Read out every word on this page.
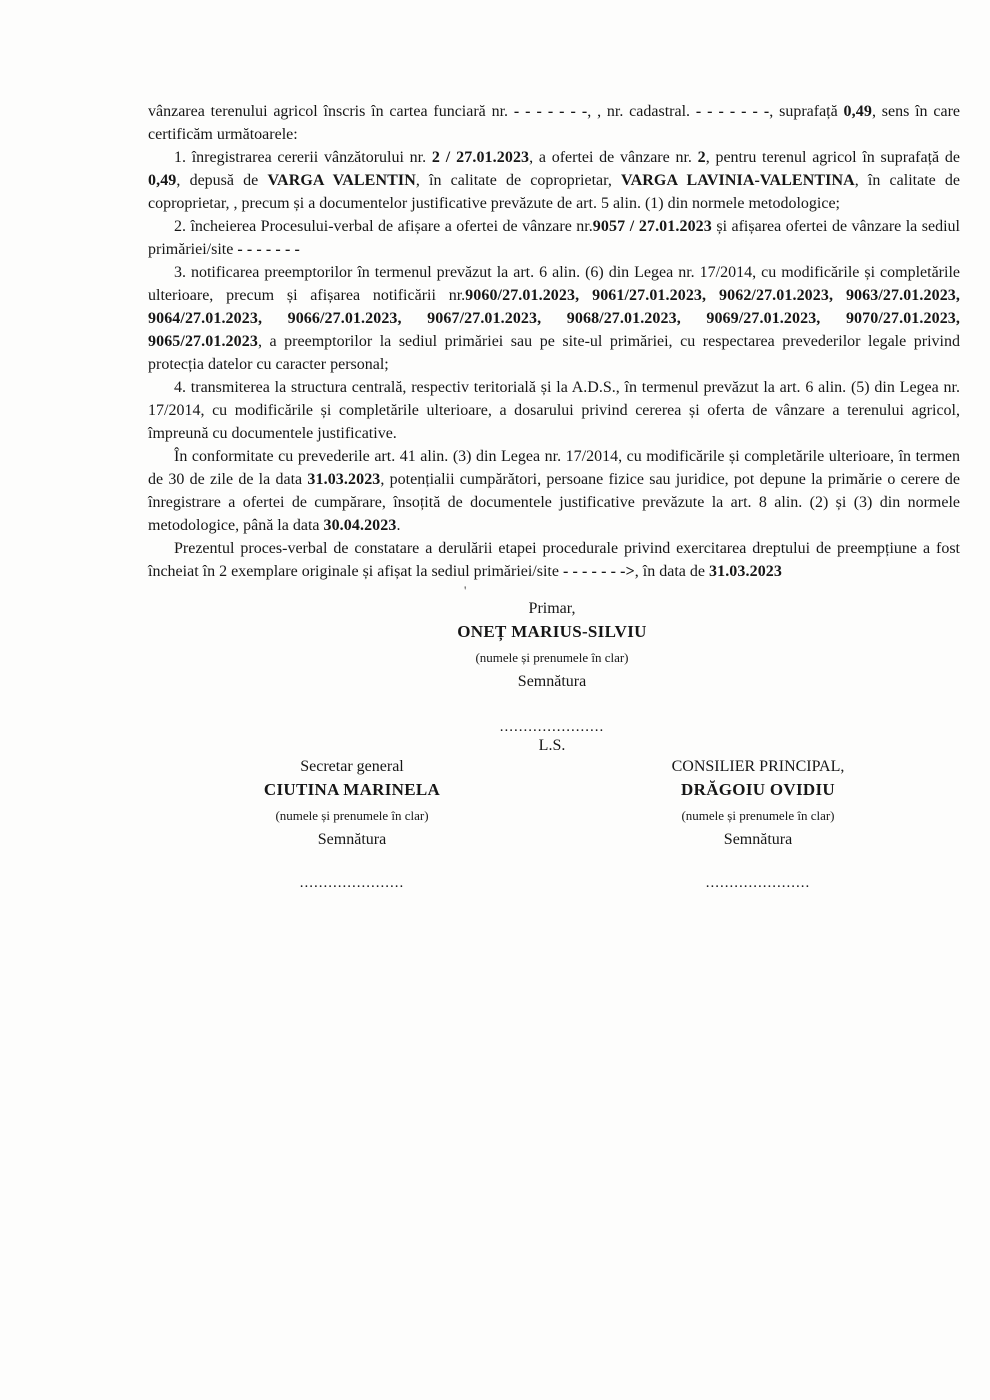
vânzarea terenului agricol înscris în cartea funciară nr. - - - - - - -, , nr. cadastral. - - - - - - -, suprafață 0,49, sens în care certificăm următoarele:

1. înregistrarea cererii vânzătorului nr. 2 / 27.01.2023, a ofertei de vânzare nr. 2, pentru terenul agricol în suprafață de 0,49, depusă de VARGA VALENTIN, în calitate de coproprietar, VARGA LAVINIA-VALENTINA, în calitate de coproprietar, , precum și a documentelor justificative prevăzute de art. 5 alin. (1) din normele metodologice;

2. încheierea Procesului-verbal de afișare a ofertei de vânzare nr.9057 / 27.01.2023 și afișarea ofertei de vânzare la sediul primăriei/site - - - - - - -

3. notificarea preemptorilor în termenul prevăzut la art. 6 alin. (6) din Legea nr. 17/2014, cu modificările și completările ulterioare, precum și afișarea notificării nr.9060/27.01.2023, 9061/27.01.2023, 9062/27.01.2023, 9063/27.01.2023, 9064/27.01.2023, 9066/27.01.2023, 9067/27.01.2023, 9068/27.01.2023, 9069/27.01.2023, 9070/27.01.2023, 9065/27.01.2023, a preemptorilor la sediul primăriei sau pe site-ul primăriei, cu respectarea prevederilor legale privind protecția datelor cu caracter personal;

4. transmiterea la structura centrală, respectiv teritorială și la A.D.S., în termenul prevăzut la art. 6 alin. (5) din Legea nr. 17/2014, cu modificările și completările ulterioare, a dosarului privind cererea și oferta de vânzare a terenului agricol, împreună cu documentele justificative.

În conformitate cu prevederile art. 41 alin. (3) din Legea nr. 17/2014, cu modificările și completările ulterioare, în termen de 30 de zile de la data 31.03.2023, potențialii cumpărători, persoane fizice sau juridice, pot depune la primărie o cerere de înregistrare a ofertei de cumpărare, însoțită de documentele justificative prevăzute la art. 8 alin. (2) și (3) din normele metodologice, până la data 30.04.2023.

Prezentul proces-verbal de constatare a derulării etapei procedurale privind exercitarea dreptului de preempțiune a fost încheiat în 2 exemplare originale și afișat la sediul primăriei/site - - - - - - ->, în data de 31.03.2023

'
Primar,
ONEȚ MARIUS-SILVIU
(numele și prenumele în clar)
Semnătura
......................
L.S.
Secretar general
CIUTINA MARINELA
(numele și prenumele în clar)
Semnătura
......................
CONSILIER PRINCIPAL,
DRĂGOIU OVIDIU
(numele și prenumele în clar)
Semnătura
......................
